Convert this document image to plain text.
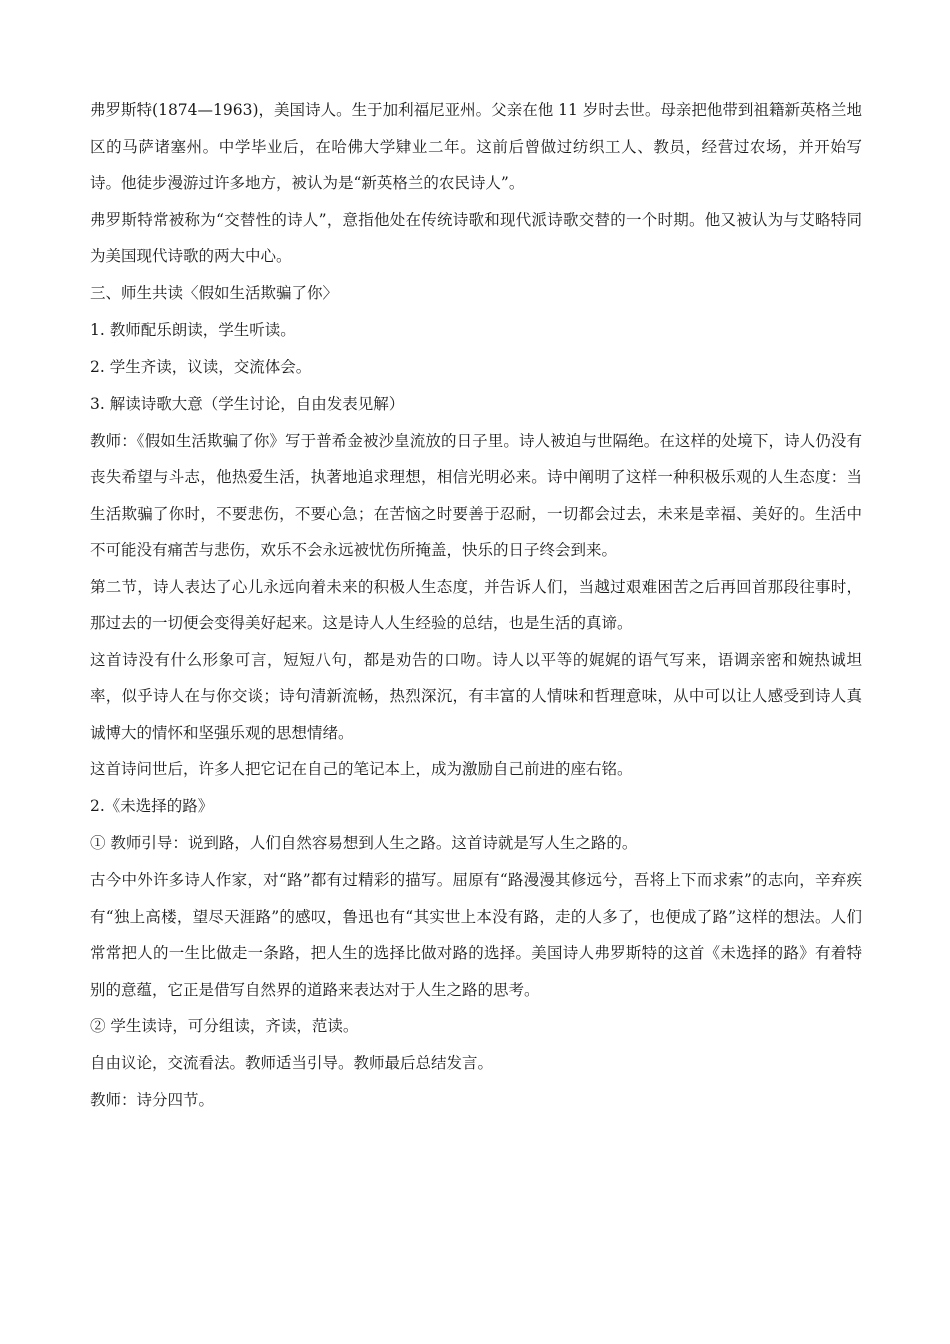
弗罗斯特(1874—1963)，美国诗人。生于加利福尼亚州。父亲在他 11 岁时去世。母亲把他带到祖籍新英格兰地区的马萨诸塞州。中学毕业后，在哈佛大学肄业二年。这前后曾做过纺织工人、教员，经营过农场，并开始写诗。他徒步漫游过许多地方，被认为是“新英格兰的农民诗人”。

弗罗斯特常被称为“交替性的诗人”，意指他处在传统诗歌和现代派诗歌交替的一个时期。他又被认为与艾略特同为美国现代诗歌的两大中心。

三、师生共读〈假如生活欺骗了你〉
1. 教师配乐朗读，学生听读。
2. 学生齐读，议读，交流体会。
3. 解读诗歌大意（学生讨论，自由发表见解）

教师：《假如生活欺骗了你》写于普希金被沙皇流放的日子里。诗人被迫与世隔绝。在这样的处境下，诗人仍没有丧失希望与斗志，他热爱生活，执著地追求理想，相信光明必来。诗中阐明了这样一种积极乐观的人生态度：当生活欺骗了你时，不要悲伤，不要心急；在苦恼之时要善于忍耐，一切都会过去，未来是幸福、美好的。生活中不可能没有痛苦与悲伤，欢乐不会永远被忧伤所掩盖，快乐的日子终会到来。

第二节，诗人表达了心儿永远向着未来的积极人生态度，并告诉人们，当越过艰难困苦之后再回首那段往事时，那过去的一切便会变得美好起来。这是诗人人生经验的总结，也是生活的真谛。

这首诗没有什么形象可言，短短八句，都是劝告的口吻。诗人以平等的娓娓的语气写来，语调亲密和婉热诚坦率，似乎诗人在与你交谈；诗句清新流畅，热烈深沉，有丰富的人情味和哲理意味，从中可以让人感受到诗人真诚博大的情怀和坚强乐观的思想情绪。

这首诗问世后，许多人把它记在自己的笔记本上，成为激励自己前进的座右铭。
2.《未选择的路》
① 教师引导：说到路，人们自然容易想到人生之路。这首诗就是写人生之路的。

古今中外许多诗人作家，对“路”都有过精彩的描写。屈原有“路漫漫其修远兮，吾将上下而求索”的志向，辛弃疾有“独上高楼，望尽天涯路”的感叹，鲁迅也有“其实世上本没有路，走的人多了，也便成了路”这样的想法。人们常常把人的一生比做走一条路，把人生的选择比做对路的选择。美国诗人弗罗斯特的这首《未选择的路》有着特别的意蕴，它正是借写自然界的道路来表达对于人生之路的思考。

② 学生读诗，可分组读，齐读，范读。
自由议论，交流看法。教师适当引导。教师最后总结发言。
教师：诗分四节。
